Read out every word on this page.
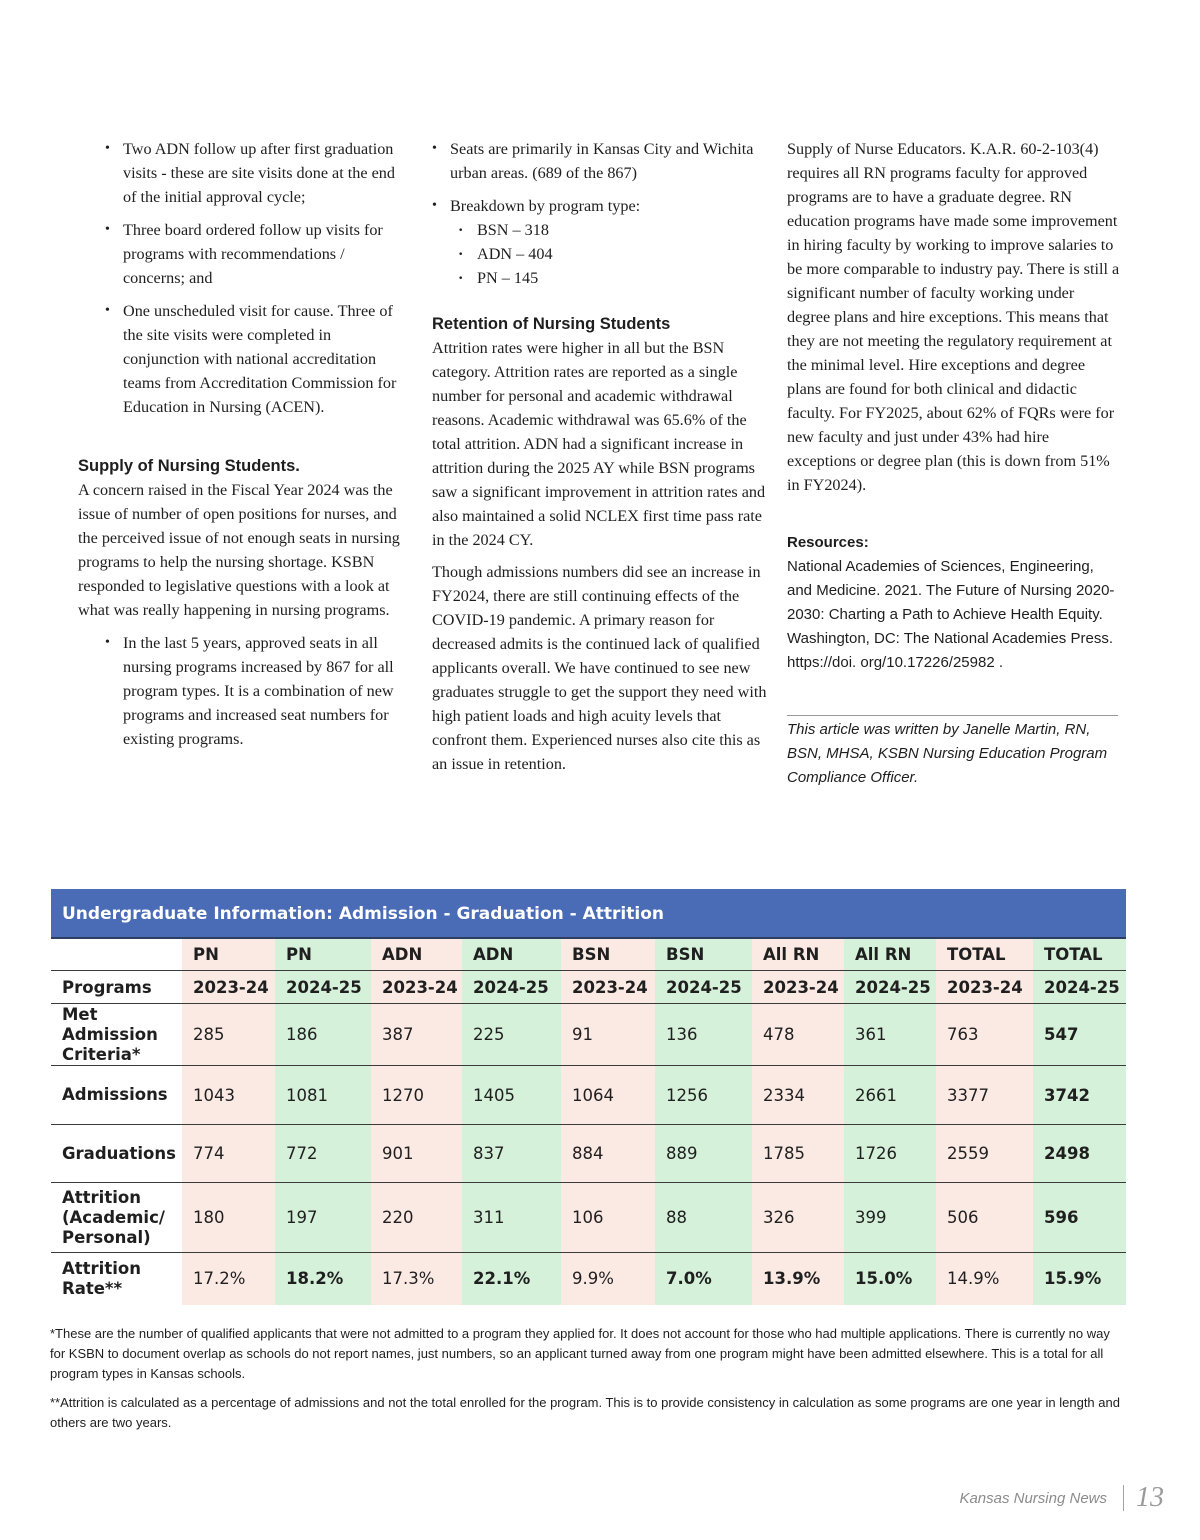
• Two ADN follow up after first graduation visits - these are site visits done at the end of the initial approval cycle;
• Three board ordered follow up visits for programs with recommendations / concerns; and
• One unscheduled visit for cause. Three of the site visits were completed in conjunction with national accreditation teams from Accreditation Commission for Education in Nursing (ACEN).
Supply of Nursing Students.

A concern raised in the Fiscal Year 2024 was the issue of number of open positions for nurses, and the perceived issue of not enough seats in nursing programs to help the nursing shortage. KSBN responded to legislative questions with a look at what was really happening in nursing programs.

• In the last 5 years, approved seats in all nursing programs increased by 867 for all program types. It is a combination of new programs and increased seat numbers for existing programs.
• Seats are primarily in Kansas City and Wichita urban areas. (689 of the 867)
• Breakdown by program type:
· BSN – 318
· ADN – 404
· PN – 145
Retention of Nursing Students

Attrition rates were higher in all but the BSN category. Attrition rates are reported as a single number for personal and academic withdrawal reasons. Academic withdrawal was 65.6% of the total attrition. ADN had a significant increase in attrition during the 2025 AY while BSN programs saw a significant improvement in attrition rates and also maintained a solid NCLEX first time pass rate in the 2024 CY.

Though admissions numbers did see an increase in FY2024, there are still continuing effects of the COVID-19 pandemic. A primary reason for decreased admits is the continued lack of qualified applicants overall. We have continued to see new graduates struggle to get the support they need with high patient loads and high acuity levels that confront them. Experienced nurses also cite this as an issue in retention.

Supply of Nurse Educators. K.A.R. 60-2-103(4) requires all RN programs faculty for approved programs are to have a graduate degree. RN education programs have made some improvement in hiring faculty by working to improve salaries to be more comparable to industry pay. There is still a significant number of faculty working under degree plans and hire exceptions. This means that they are not meeting the regulatory requirement at the minimal level. Hire exceptions and degree plans are found for both clinical and didactic faculty. For FY2025, about 62% of FQRs were for new faculty and just under 43% had hire exceptions or degree plan (this is down from 51% in FY2024).

Resources:

National Academies of Sciences, Engineering, and Medicine. 2021. The Future of Nursing 2020-2030: Charting a Path to Achieve Health Equity. Washington, DC: The National Academies Press. https://doi. org/10.17226/25982 .

This article was written by Janelle Martin, RN, BSN, MHSA, KSBN Nursing Education Program Compliance Officer.

Undergraduate Information: Admission - Graduation - Attrition
	PN	PN	ADN	ADN	BSN	BSN	All RN	All RN	TOTAL	TOTAL
Programs	2023-24	2024-25	2023-24	2024-25	2023-24	2024-25	2023-24	2024-25	2023-24	2024-25
Met Admission Criteria*	285	186	387	225	91	136	478	361	763	547
Admissions	1043	1081	1270	1405	1064	1256	2334	2661	3377	3742
Graduations	774	772	901	837	884	889	1785	1726	2559	2498
Attrition (Academic/ Personal)	180	197	220	311	106	88	326	399	506	596
Attrition Rate**	17.2%	18.2%	17.3%	22.1%	9.9%	7.0%	13.9%	15.0%	14.9%	15.9%
*These are the number of qualified applicants that were not admitted to a program they applied for. It does not account for those who had multiple applications. There is currently no way for KSBN to document overlap as schools do not report names, just numbers, so an applicant turned away from one program might have been admitted elsewhere. This is a total for all program types in Kansas schools.
**Attrition is calculated as a percentage of admissions and not the total enrolled for the program. This is to provide consistency in calculation as some programs are one year in length and others are two years.
Kansas Nursing News 13
